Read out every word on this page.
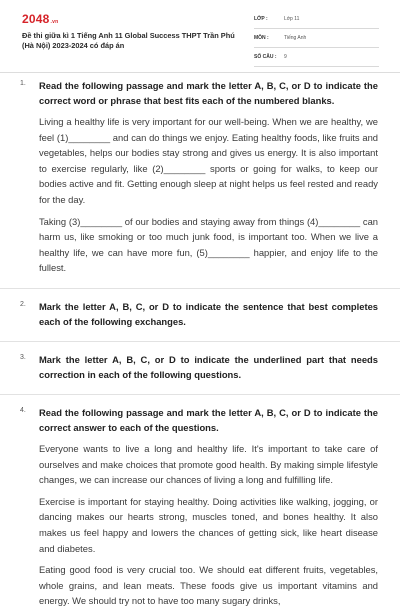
2048.vn
Đề thi giữa kì 1 Tiếng Anh 11 Global Success THPT Trần Phú (Hà Nội) 2023-2024 có đáp án
LỚP :	Lớp 11
MÔN :	Tiếng Anh
SỐ CÂU : 9
1. Read the following passage and mark the letter A, B, C, or D to indicate the correct word or phrase that best fits each of the numbered blanks.
Living a healthy life is very important for our well-being. When we are healthy, we feel (1)________ and can do things we enjoy. Eating healthy foods, like fruits and vegetables, helps our bodies stay strong and gives us energy. It is also important to exercise regularly, like (2)________ sports or going for walks, to keep our bodies active and fit. Getting enough sleep at night helps us feel rested and ready for the day.
Taking (3)________ of our bodies and staying away from things (4)________ can harm us, like smoking or too much junk food, is important too. When we live a healthy life, we can have more fun, (5)________ happier, and enjoy life to the fullest.
2. Mark the letter A, B, C, or D to indicate the sentence that best completes each of the following exchanges.
3. Mark the letter A, B, C, or D to indicate the underlined part that needs correction in each of the following questions.
4. Read the following passage and mark the letter A, B, C, or D to indicate the correct answer to each of the questions.
Everyone wants to live a long and healthy life. It's important to take care of ourselves and make choices that promote good health. By making simple lifestyle changes, we can increase our chances of living a long and fulfilling life.
Exercise is important for staying healthy. Doing activities like walking, jogging, or dancing makes our hearts strong, muscles toned, and bones healthy. It also makes us feel happy and lowers the chances of getting sick, like heart disease and diabetes.
Eating good food is very crucial too. We should eat different fruits, vegetables, whole grains, and lean meats. These foods give us important vitamins and energy. We should try not to have too many sugary drinks,
